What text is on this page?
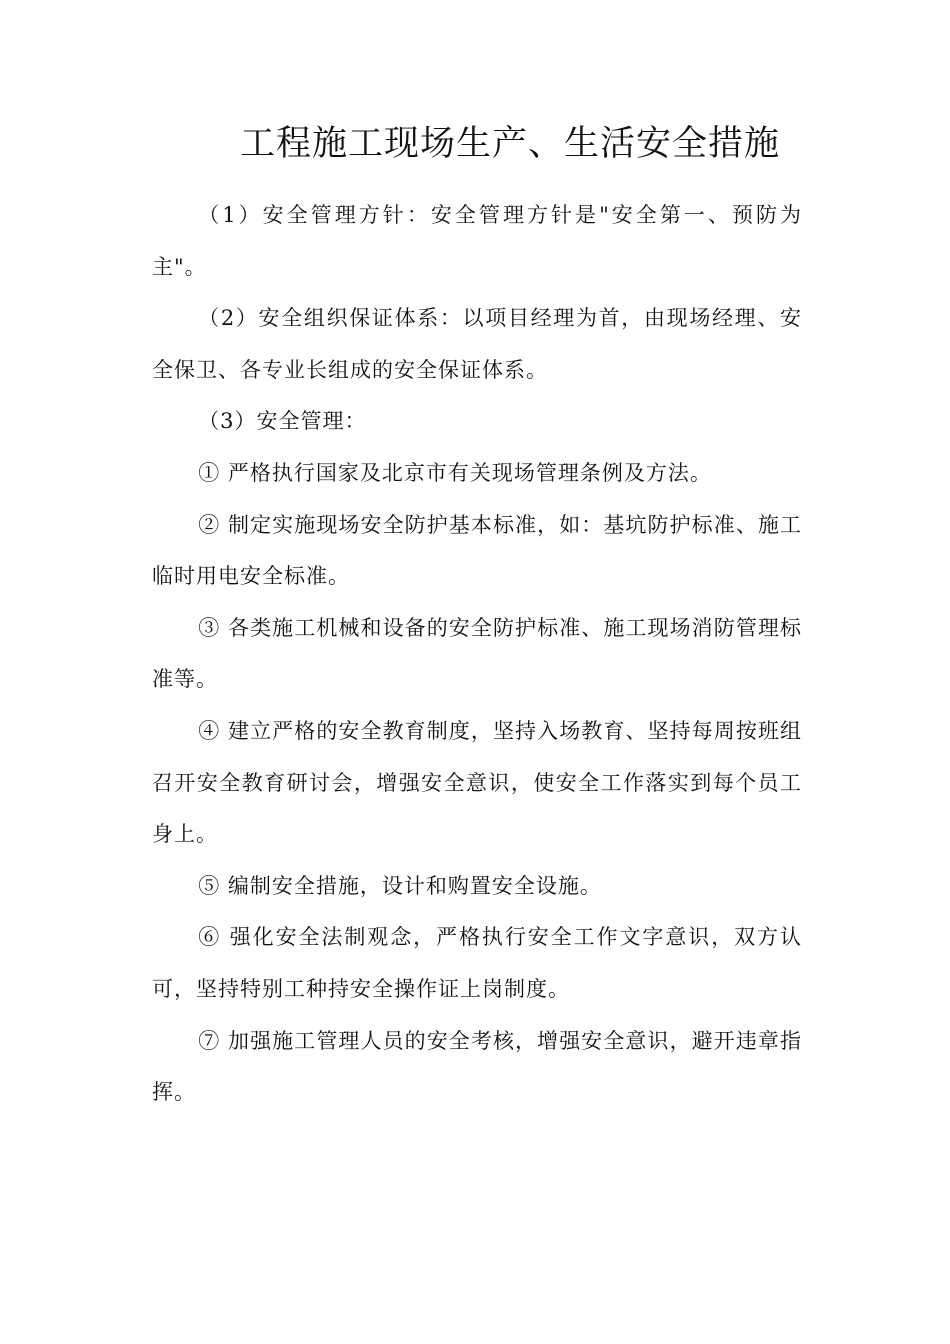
工程施工现场生产、生活安全措施

（1）安全管理方针：安全管理方针是"安全第一、预防为主"。

（2）安全组织保证体系：以项目经理为首，由现场经理、安全保卫、各专业长组成的安全保证体系。

（3）安全管理：

① 严格执行国家及北京市有关现场管理条例及方法。

② 制定实施现场安全防护基本标准，如：基坑防护标准、施工临时用电安全标准。

③ 各类施工机械和设备的安全防护标准、施工现场消防管理标准等。

④ 建立严格的安全教育制度，坚持入场教育、坚持每周按班组召开安全教育研讨会，增强安全意识，使安全工作落实到每个员工身上。

⑤ 编制安全措施，设计和购置安全设施。

⑥ 强化安全法制观念，严格执行安全工作文字意识，双方认可，坚持特别工种持安全操作证上岗制度。

⑦ 加强施工管理人员的安全考核，增强安全意识，避开违章指挥。
